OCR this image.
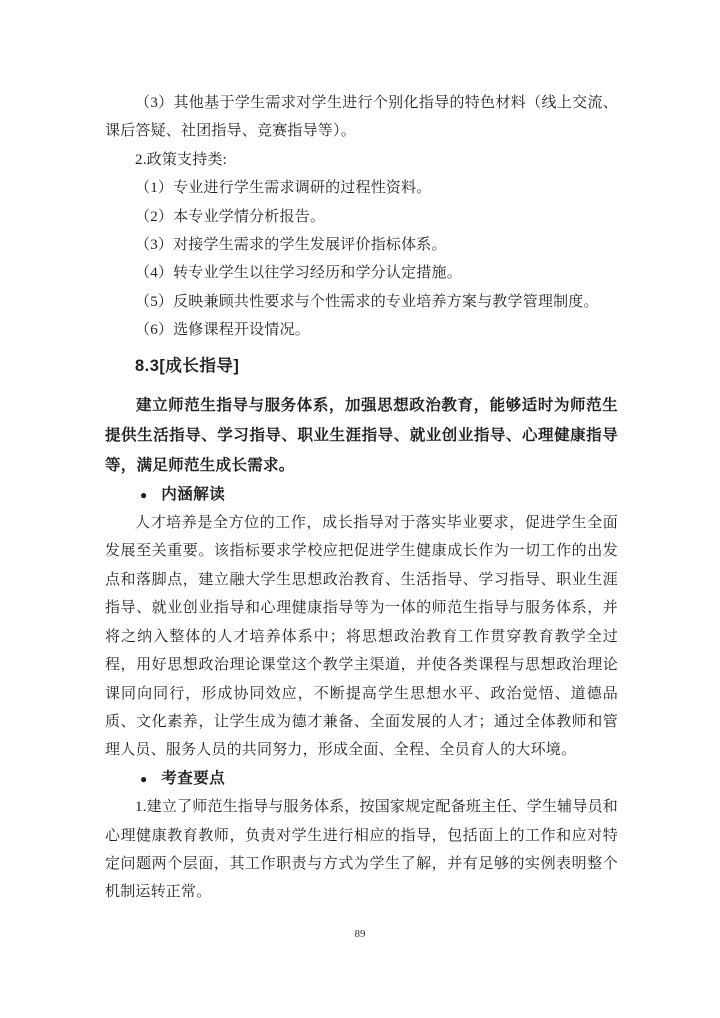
（3）其他基于学生需求对学生进行个别化指导的特色材料（线上交流、课后答疑、社团指导、竞赛指导等）。

2.政策支持类:

（1）专业进行学生需求调研的过程性资料。

（2）本专业学情分析报告。

（3）对接学生需求的学生发展评价指标体系。

（4）转专业学生以往学习经历和学分认定措施。

（5）反映兼顾共性要求与个性需求的专业培养方案与教学管理制度。

（6）选修课程开设情况。

8.3[成长指导]

建立师范生指导与服务体系，加强思想政治教育，能够适时为师范生提供生活指导、学习指导、职业生涯指导、就业创业指导、心理健康指导等，满足师范生成长需求。

● 内涵解读

人才培养是全方位的工作，成长指导对于落实毕业要求，促进学生全面发展至关重要。该指标要求学校应把促进学生健康成长作为一切工作的出发点和落脚点，建立融大学生思想政治教育、生活指导、学习指导、职业生涯指导、就业创业指导和心理健康指导等为一体的师范生指导与服务体系，并将之纳入整体的人才培养体系中；将思想政治教育工作贯穿教育教学全过程，用好思想政治理论课堂这个教学主渠道，并使各类课程与思想政治理论课同向同行，形成协同效应，不断提高学生思想水平、政治觉悟、道德品质、文化素养，让学生成为德才兼备、全面发展的人才；通过全体教师和管理人员、服务人员的共同努力，形成全面、全程、全员育人的大环境。

● 考查要点

1.建立了师范生指导与服务体系，按国家规定配备班主任、学生辅导员和心理健康教育教师，负责对学生进行相应的指导，包括面上的工作和应对特定问题两个层面，其工作职责与方式为学生了解，并有足够的实例表明整个机制运转正常。

89
